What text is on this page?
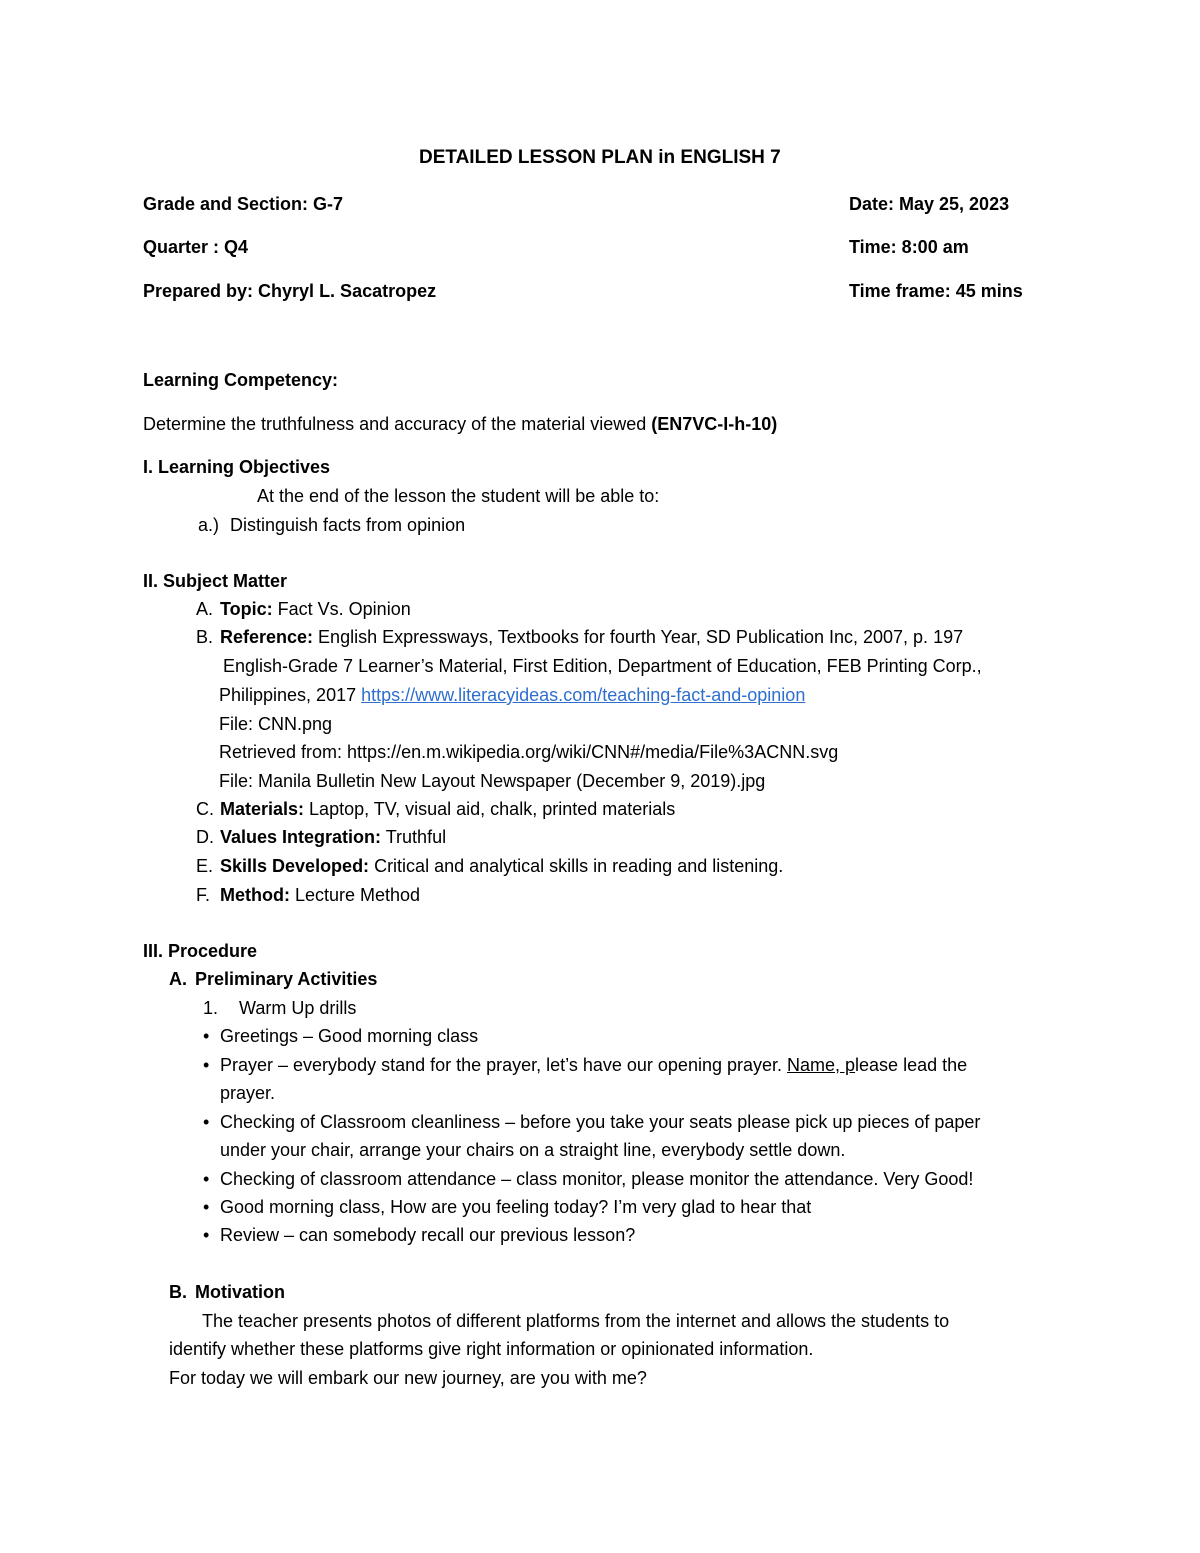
DETAILED LESSON PLAN in ENGLISH 7
Grade and Section: G-7	Date: May 25, 2023
Quarter : Q4	Time: 8:00 am
Prepared by: Chyryl L. Sacatropez	Time frame: 45 mins
Learning Competency:
Determine the truthfulness and accuracy of the material viewed (EN7VC-I-h-10)
I. Learning Objectives
At the end of the lesson the student will be able to:
a.) Distinguish facts from opinion
II. Subject Matter
A. Topic: Fact Vs. Opinion
B. Reference: English Expressways, Textbooks for fourth Year, SD Publication Inc, 2007, p. 197
English-Grade 7 Learner’s Material, First Edition, Department of Education, FEB Printing Corp.,
Philippines, 2017 https://www.literacyideas.com/teaching-fact-and-opinion
File: CNN.png
Retrieved from: https://en.m.wikipedia.org/wiki/CNN#/media/File%3ACNN.svg
File: Manila Bulletin New Layout Newspaper (December 9, 2019).jpg
C. Materials: Laptop, TV, visual aid, chalk, printed materials
D. Values Integration: Truthful
E. Skills Developed: Critical and analytical skills in reading and listening.
F. Method: Lecture Method
III. Procedure
A. Preliminary Activities
1. Warm Up drills
• Greetings – Good morning class
• Prayer – everybody stand for the prayer, let’s have our opening prayer. Name, please lead the
prayer.
• Checking of Classroom cleanliness – before you take your seats please pick up pieces of paper
under your chair, arrange your chairs on a straight line, everybody settle down.
• Checking of classroom attendance – class monitor, please monitor the attendance. Very Good!
• Good morning class, How are you feeling today? I’m very glad to hear that
• Review – can somebody recall our previous lesson?
B. Motivation
The teacher presents photos of different platforms from the internet and allows the students to
identify whether these platforms give right information or opinionated information.
For today we will embark our new journey, are you with me?
